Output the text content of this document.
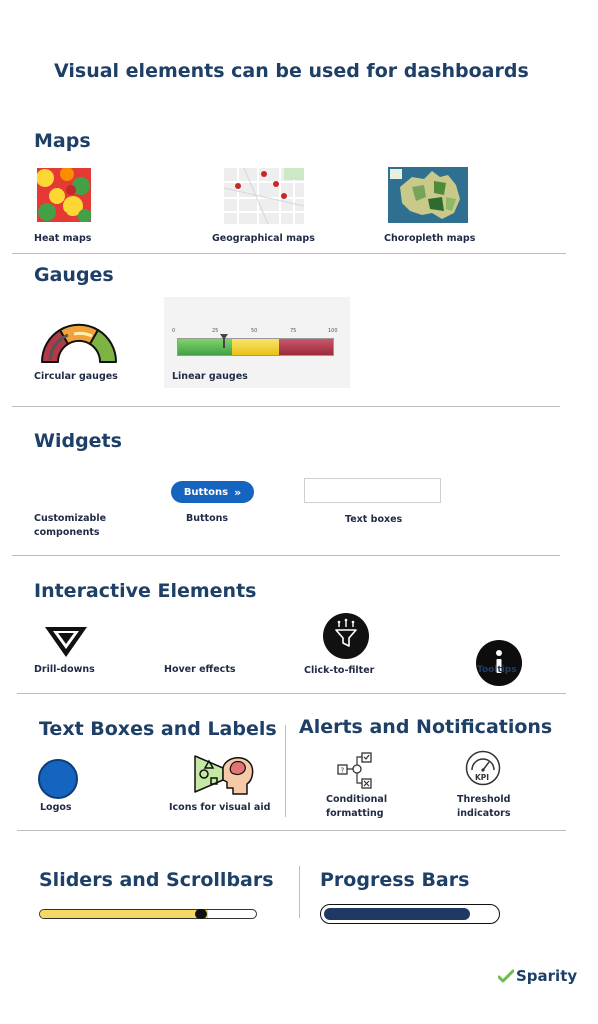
Visual elements can be used for dashboards
Maps
Heat maps	Geographical maps	Choropleth maps
Gauges
Circular gauges
0	25	50	75	100
Linear gauges
Widgets
Buttons »
Customizable components
Buttons	Text boxes
Interactive Elements
Drill-downs	Hover effects	Click-to-filter	Tooltips
Text Boxes and Labels
Logos	Icons for visual aid
Alerts and Notifications
?
Conditional formatting
KPI
Threshold indicators
Sliders and Scrollbars Progress Bars
Sparity
